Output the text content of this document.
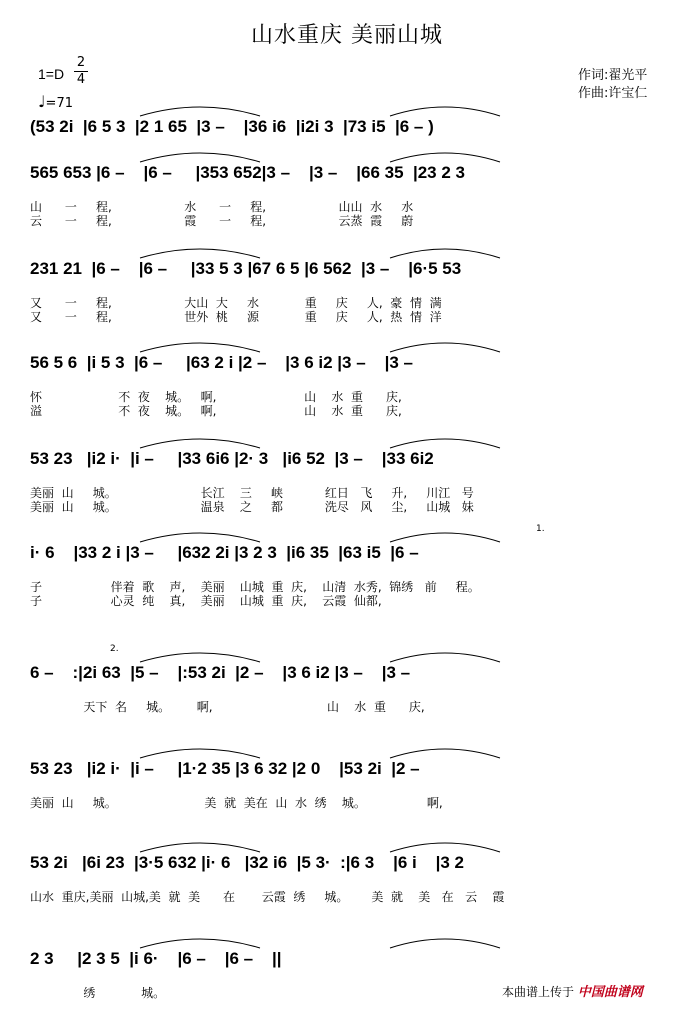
山水重庆 美丽山城
1=D
2
4
♩=71
作词:翟光平
作曲:许宝仁
(53 2i  |6 5 3  |2 1 65  |3 –    |36 i6  |i2i 3  |73 i5  |6 – )
565 653 |6 –    |6 –     |353 652|3 –    |3 –    |66 35  |23 2 3
山      一     程,                   水      一     程,                   山山  水     水
云      一     程,                   霞      一     程,                   云蒸  霞     蔚
231 21  |6 –    |6 –     |33 5 3 |67 6 5 |6 562  |3 –    |6·5 53
又      一     程,                   大山  大     水            重     庆     人,  豪  情  满
又      一     程,                   世外  桃     源            重     庆     人,  热  情  洋
56 5 6  |i 5 3  |6 –     |63 2 i |2 –    |3 6 i2 |3 –    |3 –
怀                    不  夜    城。   啊,                       山    水  重      庆,
溢                    不  夜    城。   啊,                       山    水  重      庆,
53 23   |i2 i·  |i –     |33 6i6 |2· 3   |i6 52  |3 –    |33 6i2
美丽  山     城。                      长江    三     峡           红日   飞     升,     川江   号
美丽  山     城。                      温泉    之     都           洗尽   风     尘,     山城   妹
i· 6    |33 2 i |3 –     |632 2i |3 2 3  |i6 35  |63 i5  |6 –
子                  伴着  歌    声,    美丽    山城  重  庆,    山清  水秀,  锦绣   前     程。
子                  心灵  纯    真,    美丽    山城  重  庆,    云霞  仙都,
6 –    :|2i 63  |5 –    |:53 2i  |2 –    |3 6 i2 |3 –    |3 –
天下  名     城。       啊,                              山    水  重      庆,
53 23   |i2 i·  |i –     |1·2 35 |3 6 32 |2 0    |53 2i  |2 –
美丽  山     城。                       美  就  美在  山  水  绣    城。                啊,
53 2i   |6i 23  |3·5 632 |i· 6   |32 i6  |5 3·  :|6 3    |6 i    |3 2
山水  重庆,美丽  山城,美  就  美      在       云霞  绣     城。      美  就    美   在   云    霞
2 3     |2 3 5  |i 6·    |6 –    |6 –    ||
绣            城。	本曲谱上传于 中国曲谱网
1.
2.
